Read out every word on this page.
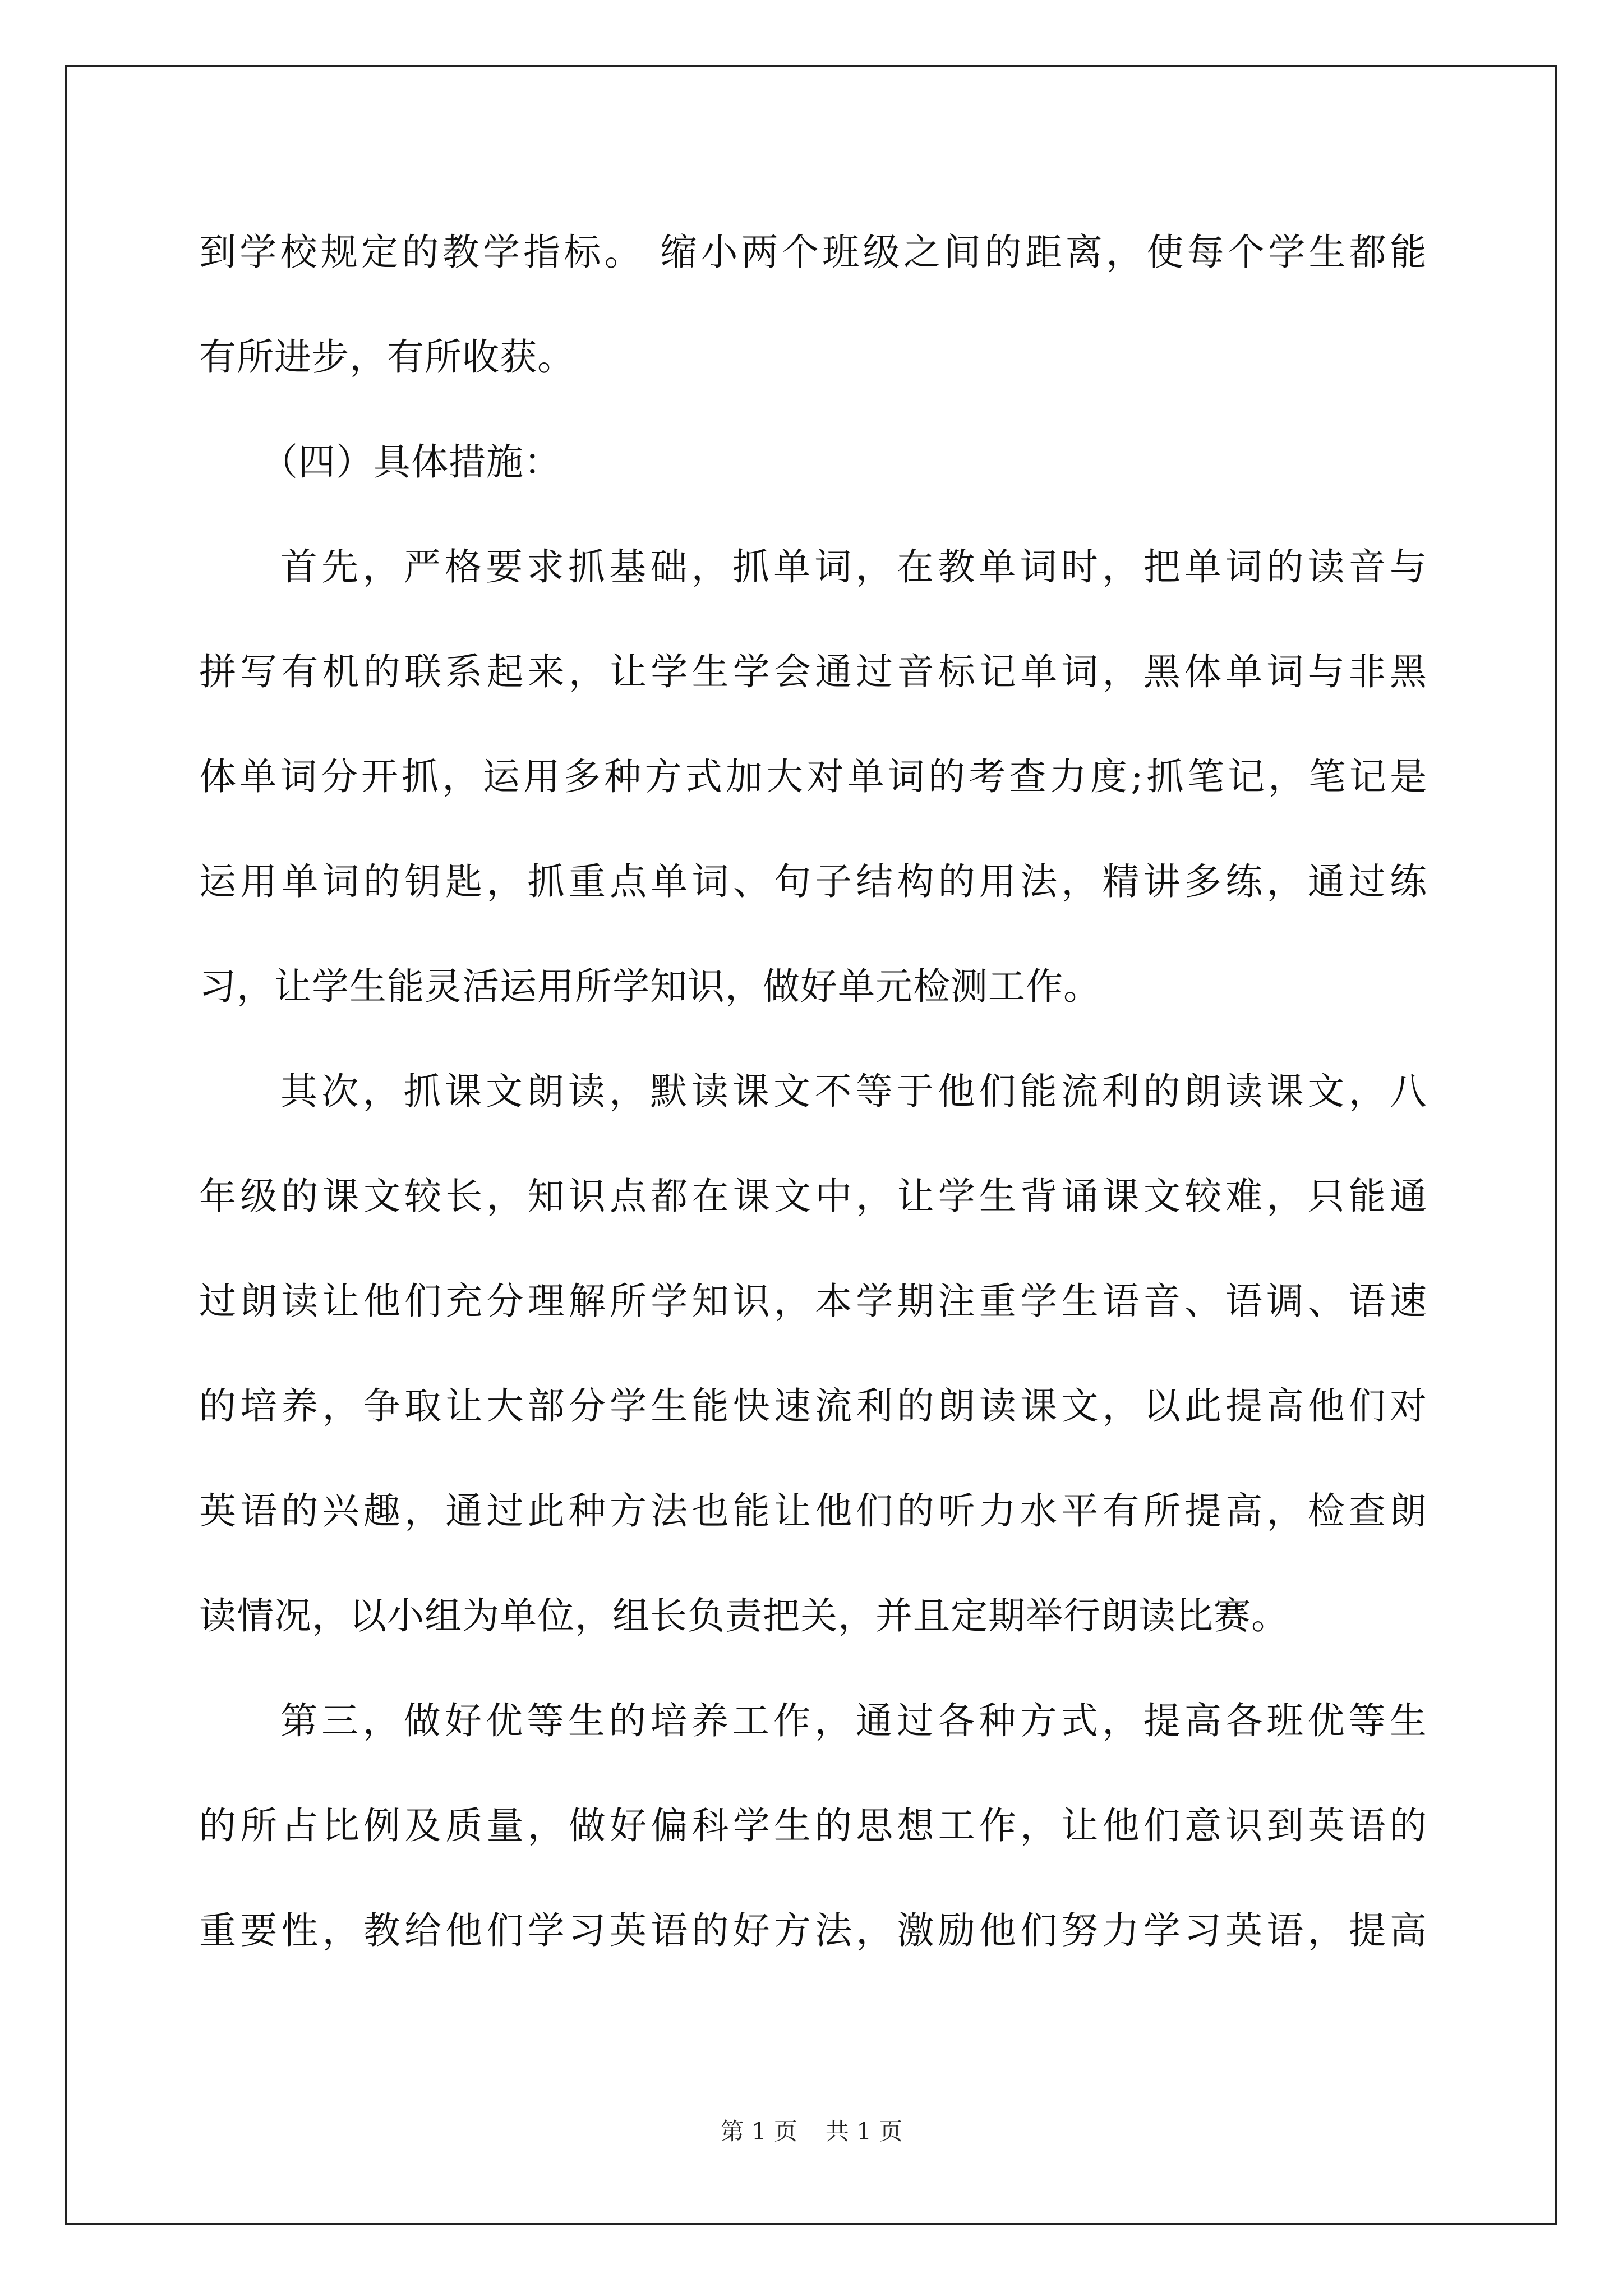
到学校规定的教学指标。 缩小两个班级之间的距离，使每个学生都能

有所进步，有所收获。

（四）具体措施：

首先，严格要求抓基础，抓单词，在教单词时，把单词的读音与

拼写有机的联系起来，让学生学会通过音标记单词，黑体单词与非黑

体单词分开抓，运用多种方式加大对单词的考查力度;抓笔记，笔记是

运用单词的钥匙，抓重点单词、句子结构的用法，精讲多练，通过练

习，让学生能灵活运用所学知识，做好单元检测工作。

其次，抓课文朗读，默读课文不等于他们能流利的朗读课文，八

年级的课文较长，知识点都在课文中，让学生背诵课文较难，只能通

过朗读让他们充分理解所学知识，本学期注重学生语音、语调、语速

的培养，争取让大部分学生能快速流利的朗读课文，以此提高他们对

英语的兴趣，通过此种方法也能让他们的听力水平有所提高，检查朗

读情况，以小组为单位，组长负责把关，并且定期举行朗读比赛。

第三，做好优等生的培养工作，通过各种方式，提高各班优等生

的所占比例及质量，做好偏科学生的思想工作，让他们意识到英语的

重要性，教给他们学习英语的好方法，激励他们努力学习英语，提高

第 1 页 共 1 页
